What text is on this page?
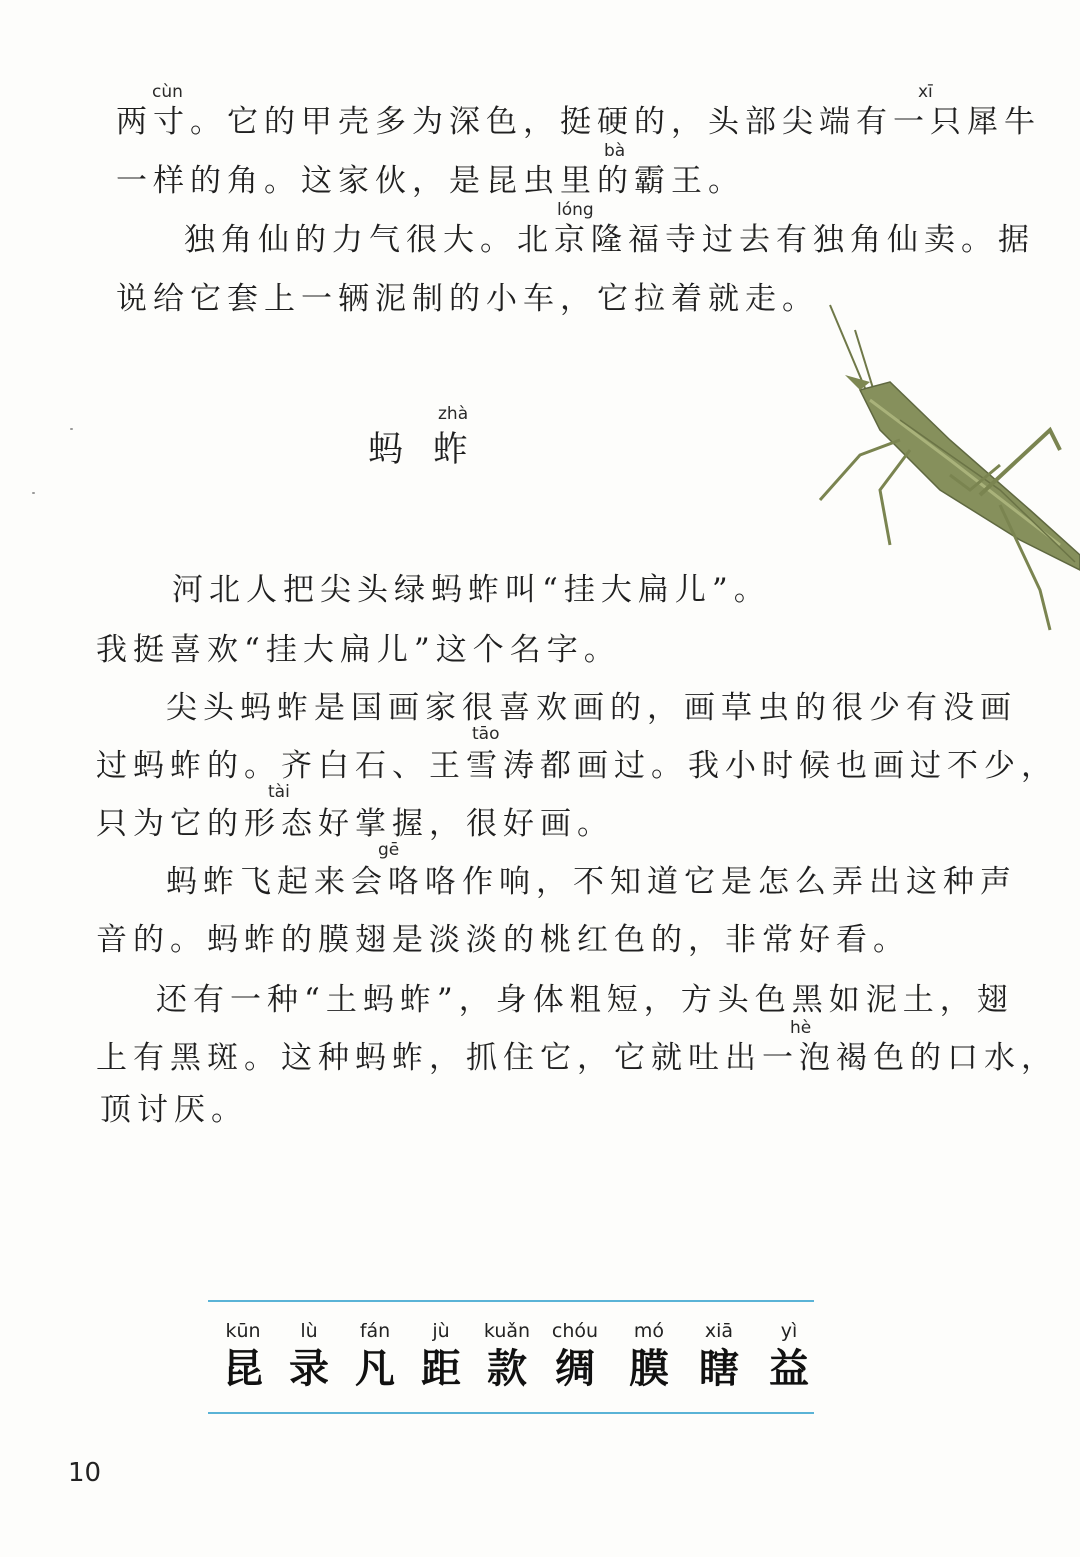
cùn	xī
bà
lóng
两寸。它的甲壳多为深色，挺硬的，头部尖端有一只犀牛
一样的角。这家伙，是昆虫里的霸王。
独角仙的力气很大。北京隆福寺过去有独角仙卖。据
说给它套上一辆泥制的小车，它拉着就走。
zhà
蚂蚱
河北人把尖头绿蚂蚱叫“挂大扁儿”。
我挺喜欢“挂大扁儿”这个名字。
尖头蚂蚱是国画家很喜欢画的，画草虫的很少有没画
tāo
过蚂蚱的。齐白石、王雪涛都画过。我小时候也画过不少，
tài
只为它的形态好掌握，很好画。
gē
蚂蚱飞起来会咯咯作响，不知道它是怎么弄出这种声
音的。蚂蚱的膜翅是淡淡的桃红色的，非常好看。
还有一种“土蚂蚱”，身体粗短，方头色黑如泥土，翅
hè
上有黑斑。这种蚂蚱，抓住它，它就吐出一泡褐色的口水，
顶讨厌。
kūn
昆
lù
录
fán
凡
jù
距
kuǎn
款
chóu
绸
mó
膜
xiā
瞎
yì
益
10
